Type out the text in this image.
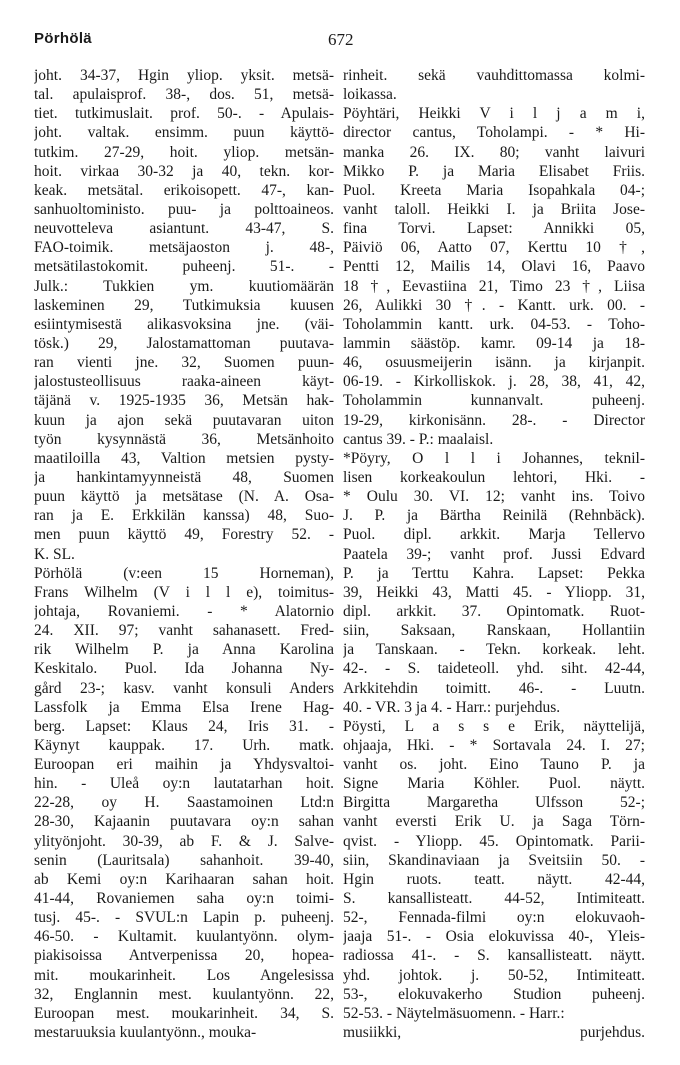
Pörhölä	672
joht. 34-37, Hgin yliop. yksit. metsä-
tal. apulaisprof. 38-, dos. 51, metsä-
tiet. tutkimuslait. prof. 50-. - Apulais-
joht. valtak. ensimm. puun käyttö-
tutkim. 27-29, hoit. yliop. metsän-
hoit. virkaa 30-32 ja 40, tekn. kor-
keak. metsätal. erikoisopett. 47-, kan-
sanhuoltoministo. puu- ja polttoaineos.
neuvotteleva asiantunt. 43-47, S.
FAO-toimik. metsäjaoston j. 48-,
metsätilastokomit. puheenj. 51-. -
Julk.: Tukkien ym. kuutiomäärän
laskeminen 29, Tutkimuksia kuusen
esiintymisestä alikasvoksina jne. (väi-
tösk.) 29, Jalostamattoman puutava-
ran vienti jne. 32, Suomen puun-
jalostusteollisuus raaka-aineen käyt-
täjänä v. 1925-1935 36, Metsän hak-
kuun ja ajon sekä puutavaran uiton
työn kysynnästä 36, Metsänhoito
maatiloilla 43, Valtion metsien pysty-
ja hankintamyynneistä 48, Suomen
puun käyttö ja metsätase (N. A. Osa-
ran ja E. Erkkilän kanssa) 48, Suo-
men puun käyttö 49, Forestry 52. -
K. SL.
Pörhölä (v:een 15 Horneman),
Frans Wilhelm (V i l l e), toimitus-
johtaja, Rovaniemi. - * Alatornio
24. XII. 97; vanht sahanasett. Fred-
rik Wilhelm P. ja Anna Karolina
Keskitalo. Puol. Ida Johanna Ny-
gård 23-; kasv. vanht konsuli Anders
Lassfolk ja Emma Elsa Irene Hag-
berg. Lapset: Klaus 24, Iris 31. -
Käynyt kauppak. 17. Urh. matk.
Euroopan eri maihin ja Yhdysvaltoi-
hin. - Uleå oy:n lautatarhan hoit.
22-28, oy H. Saastamoinen Ltd:n
28-30, Kajaanin puutavara oy:n sahan
ylityönjoht. 30-39, ab F. & J. Salve-
senin (Lauritsala) sahanhoit. 39-40,
ab Kemi oy:n Karihaaran sahan hoit.
41-44, Rovaniemen saha oy:n toimi-
tusj. 45-. - SVUL:n Lapin p. puheenj.
46-50. - Kultamit. kuulantyönn. olym-
piakisoissa Antverpenissa 20, hopea-
mit. moukarinheit. Los Angelesissa
32, Englannin mest. kuulantyönn. 22,
Euroopan mest. moukarinheit. 34, S.
mestaruuksia kuulantyönn., mouka-
rinheit. sekä vauhdittomassa kolmi-
loikassa.
Pöyhtäri, Heikki V i l j a m i,
director cantus, Toholampi. - * Hi-
manka 26. IX. 80; vanht laivuri
Mikko P. ja Maria Elisabet Friis.
Puol. Kreeta Maria Isopahkala 04-;
vanht taloll. Heikki I. ja Briita Jose-
fina Torvi. Lapset: Annikki 05,
Päiviö 06, Aatto 07, Kerttu 10 †,
Pentti 12, Mailis 14, Olavi 16, Paavo
18 †, Eevastiina 21, Timo 23 †, Liisa
26, Aulikki 30 †. - Kantt. urk. 00. -
Toholammin kantt. urk. 04-53. - Toho-
lammin säästöp. kamr. 09-14 ja 18-
46, osuusmeijerin isänn. ja kirjanpit.
06-19. - Kirkolliskok. j. 28, 38, 41, 42,
Toholammin kunnanvalt. puheenj.
19-29, kirkonisänn. 28-. - Director
cantus 39. - P.: maalaisl.
*Pöyry, O l l i Johannes, teknil-
lisen korkeakoulun lehtori, Hki. -
* Oulu 30. VI. 12; vanht ins. Toivo
J. P. ja Bärtha Reinilä (Rehnbäck).
Puol. dipl. arkkit. Marja Tellervo
Paatela 39-; vanht prof. Jussi Edvard
P. ja Terttu Kahra. Lapset: Pekka
39, Heikki 43, Matti 45. - Yliopp. 31,
dipl. arkkit. 37. Opintomatk. Ruot-
siin, Saksaan, Ranskaan, Hollantiin
ja Tanskaan. - Tekn. korkeak. leht.
42-. - S. taideteoll. yhd. siht. 42-44,
Arkkitehdin toimitt. 46-. - Luutn.
40. - VR. 3 ja 4. - Harr.: purjehdus.
Pöysti, L a s s e Erik, näyttelijä,
ohjaaja, Hki. - * Sortavala 24. I. 27;
vanht os. joht. Eino Tauno P. ja
Signe Maria Köhler. Puol. näytt.
Birgitta Margaretha Ulfsson 52-;
vanht eversti Erik U. ja Saga Törn-
qvist. - Yliopp. 45. Opintomatk. Parii-
siin, Skandinaviaan ja Sveitsiin 50. -
Hgin ruots. teatt. näytt. 42-44,
S. kansallisteatt. 44-52, Intimiteatt.
52-, Fennada-filmi oy:n elokuvaoh-
jaaja 51-. - Osia elokuvissa 40-, Yleis-
radiossa 41-. - S. kansallisteatt. näytt.
yhd. johtok. j. 50-52, Intimiteatt.
53-, elokuvakerho Studion puheenj.
52-53. - Näytelmäsuomenn. - Harr.:
musiikki, purjehdus.
